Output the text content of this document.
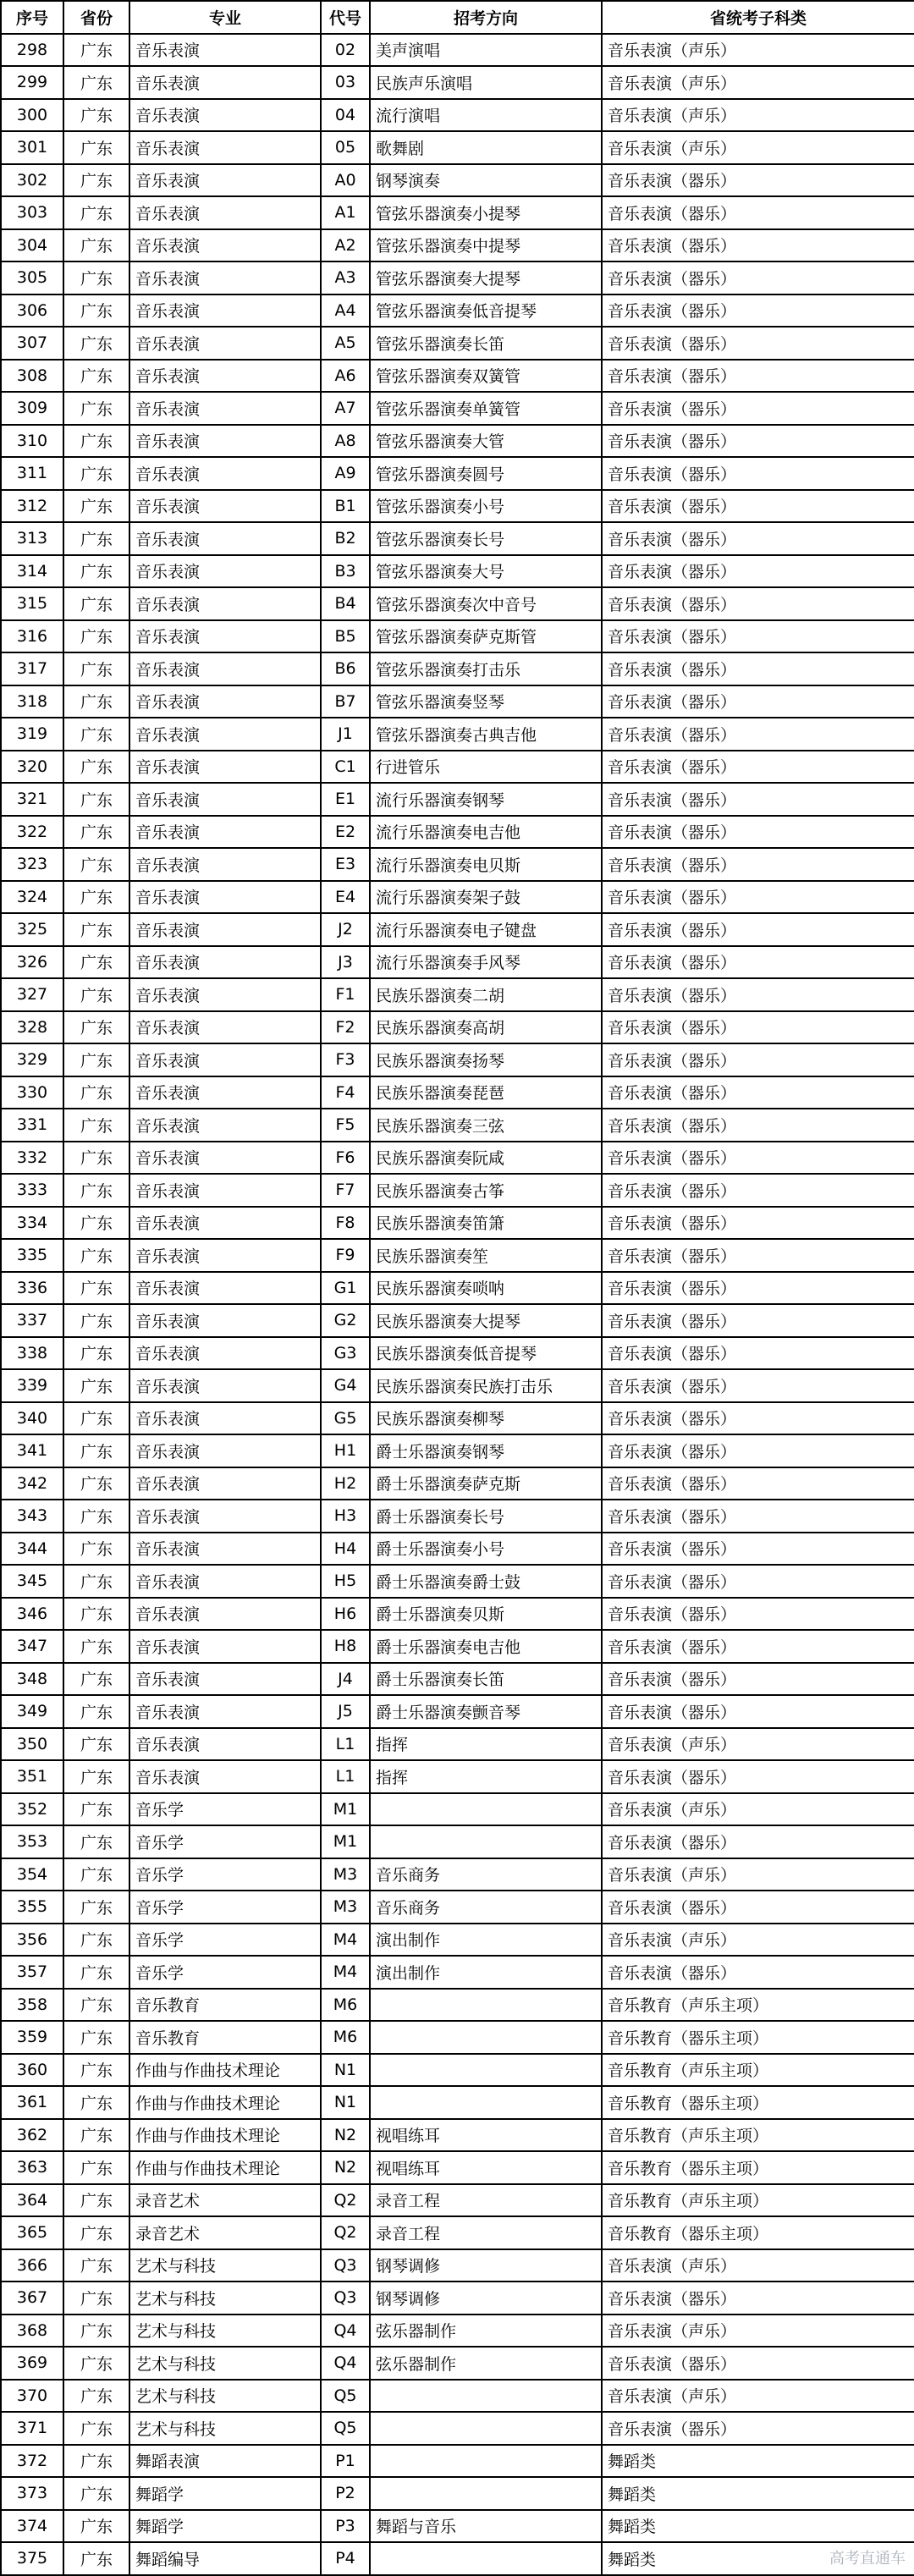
序号	省份	专业	代号	招考方向	省统考子科类
298	广东	音乐表演	02	美声演唱	音乐表演（声乐）
299	广东	音乐表演	03	民族声乐演唱	音乐表演（声乐）
300	广东	音乐表演	04	流行演唱	音乐表演（声乐）
301	广东	音乐表演	05	歌舞剧	音乐表演（声乐）
302	广东	音乐表演	A0	钢琴演奏	音乐表演（器乐）
303	广东	音乐表演	A1	管弦乐器演奏小提琴	音乐表演（器乐）
304	广东	音乐表演	A2	管弦乐器演奏中提琴	音乐表演（器乐）
305	广东	音乐表演	A3	管弦乐器演奏大提琴	音乐表演（器乐）
306	广东	音乐表演	A4	管弦乐器演奏低音提琴	音乐表演（器乐）
307	广东	音乐表演	A5	管弦乐器演奏长笛	音乐表演（器乐）
308	广东	音乐表演	A6	管弦乐器演奏双簧管	音乐表演（器乐）
309	广东	音乐表演	A7	管弦乐器演奏单簧管	音乐表演（器乐）
310	广东	音乐表演	A8	管弦乐器演奏大管	音乐表演（器乐）
311	广东	音乐表演	A9	管弦乐器演奏圆号	音乐表演（器乐）
312	广东	音乐表演	B1	管弦乐器演奏小号	音乐表演（器乐）
313	广东	音乐表演	B2	管弦乐器演奏长号	音乐表演（器乐）
314	广东	音乐表演	B3	管弦乐器演奏大号	音乐表演（器乐）
315	广东	音乐表演	B4	管弦乐器演奏次中音号	音乐表演（器乐）
316	广东	音乐表演	B5	管弦乐器演奏萨克斯管	音乐表演（器乐）
317	广东	音乐表演	B6	管弦乐器演奏打击乐	音乐表演（器乐）
318	广东	音乐表演	B7	管弦乐器演奏竖琴	音乐表演（器乐）
319	广东	音乐表演	J1	管弦乐器演奏古典吉他	音乐表演（器乐）
320	广东	音乐表演	C1	行进管乐	音乐表演（器乐）
321	广东	音乐表演	E1	流行乐器演奏钢琴	音乐表演（器乐）
322	广东	音乐表演	E2	流行乐器演奏电吉他	音乐表演（器乐）
323	广东	音乐表演	E3	流行乐器演奏电贝斯	音乐表演（器乐）
324	广东	音乐表演	E4	流行乐器演奏架子鼓	音乐表演（器乐）
325	广东	音乐表演	J2	流行乐器演奏电子键盘	音乐表演（器乐）
326	广东	音乐表演	J3	流行乐器演奏手风琴	音乐表演（器乐）
327	广东	音乐表演	F1	民族乐器演奏二胡	音乐表演（器乐）
328	广东	音乐表演	F2	民族乐器演奏高胡	音乐表演（器乐）
329	广东	音乐表演	F3	民族乐器演奏扬琴	音乐表演（器乐）
330	广东	音乐表演	F4	民族乐器演奏琵琶	音乐表演（器乐）
331	广东	音乐表演	F5	民族乐器演奏三弦	音乐表演（器乐）
332	广东	音乐表演	F6	民族乐器演奏阮咸	音乐表演（器乐）
333	广东	音乐表演	F7	民族乐器演奏古筝	音乐表演（器乐）
334	广东	音乐表演	F8	民族乐器演奏笛箫	音乐表演（器乐）
335	广东	音乐表演	F9	民族乐器演奏笙	音乐表演（器乐）
336	广东	音乐表演	G1	民族乐器演奏唢呐	音乐表演（器乐）
337	广东	音乐表演	G2	民族乐器演奏大提琴	音乐表演（器乐）
338	广东	音乐表演	G3	民族乐器演奏低音提琴	音乐表演（器乐）
339	广东	音乐表演	G4	民族乐器演奏民族打击乐	音乐表演（器乐）
340	广东	音乐表演	G5	民族乐器演奏柳琴	音乐表演（器乐）
341	广东	音乐表演	H1	爵士乐器演奏钢琴	音乐表演（器乐）
342	广东	音乐表演	H2	爵士乐器演奏萨克斯	音乐表演（器乐）
343	广东	音乐表演	H3	爵士乐器演奏长号	音乐表演（器乐）
344	广东	音乐表演	H4	爵士乐器演奏小号	音乐表演（器乐）
345	广东	音乐表演	H5	爵士乐器演奏爵士鼓	音乐表演（器乐）
346	广东	音乐表演	H6	爵士乐器演奏贝斯	音乐表演（器乐）
347	广东	音乐表演	H8	爵士乐器演奏电吉他	音乐表演（器乐）
348	广东	音乐表演	J4	爵士乐器演奏长笛	音乐表演（器乐）
349	广东	音乐表演	J5	爵士乐器演奏颤音琴	音乐表演（器乐）
350	广东	音乐表演	L1	指挥	音乐表演（声乐）
351	广东	音乐表演	L1	指挥	音乐表演（器乐）
352	广东	音乐学	M1		音乐表演（声乐）
353	广东	音乐学	M1		音乐表演（器乐）
354	广东	音乐学	M3	音乐商务	音乐表演（声乐）
355	广东	音乐学	M3	音乐商务	音乐表演（器乐）
356	广东	音乐学	M4	演出制作	音乐表演（声乐）
357	广东	音乐学	M4	演出制作	音乐表演（器乐）
358	广东	音乐教育	M6		音乐教育（声乐主项）
359	广东	音乐教育	M6		音乐教育（器乐主项）
360	广东	作曲与作曲技术理论	N1		音乐教育（声乐主项）
361	广东	作曲与作曲技术理论	N1		音乐教育（器乐主项）
362	广东	作曲与作曲技术理论	N2	视唱练耳	音乐教育（声乐主项）
363	广东	作曲与作曲技术理论	N2	视唱练耳	音乐教育（器乐主项）
364	广东	录音艺术	Q2	录音工程	音乐教育（声乐主项）
365	广东	录音艺术	Q2	录音工程	音乐教育（器乐主项）
366	广东	艺术与科技	Q3	钢琴调修	音乐表演（声乐）
367	广东	艺术与科技	Q3	钢琴调修	音乐表演（器乐）
368	广东	艺术与科技	Q4	弦乐器制作	音乐表演（声乐）
369	广东	艺术与科技	Q4	弦乐器制作	音乐表演（器乐）
370	广东	艺术与科技	Q5		音乐表演（声乐）
371	广东	艺术与科技	Q5		音乐表演（器乐）
372	广东	舞蹈表演	P1		舞蹈类
373	广东	舞蹈学	P2		舞蹈类
374	广东	舞蹈学	P3	舞蹈与音乐	舞蹈类
375	广东	舞蹈编导	P4		舞蹈类	高考直通车
